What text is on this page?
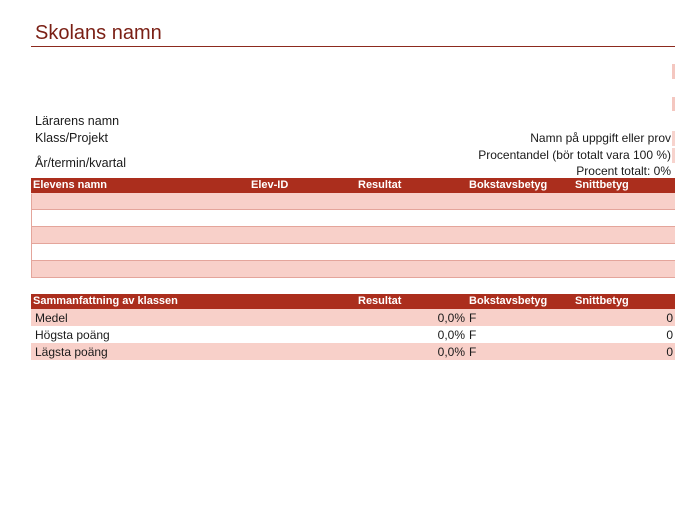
Skolans namn
Lärarens namn
Klass/Projekt
År/termin/kvartal
Namn på uppgift eller prov
Procentandel (bör totalt vara 100 %)
Procent totalt: 0%
Elevens namn	Elev-ID	Resultat	Bokstavsbetyg	Snittbetyg

Sammanfattning av klassen	Resultat	Bokstavsbetyg	Snittbetyg
Medel	0,0%	F	0
Högsta poäng	0,0%	F	0
Lägsta poäng	0,0%	F	0
